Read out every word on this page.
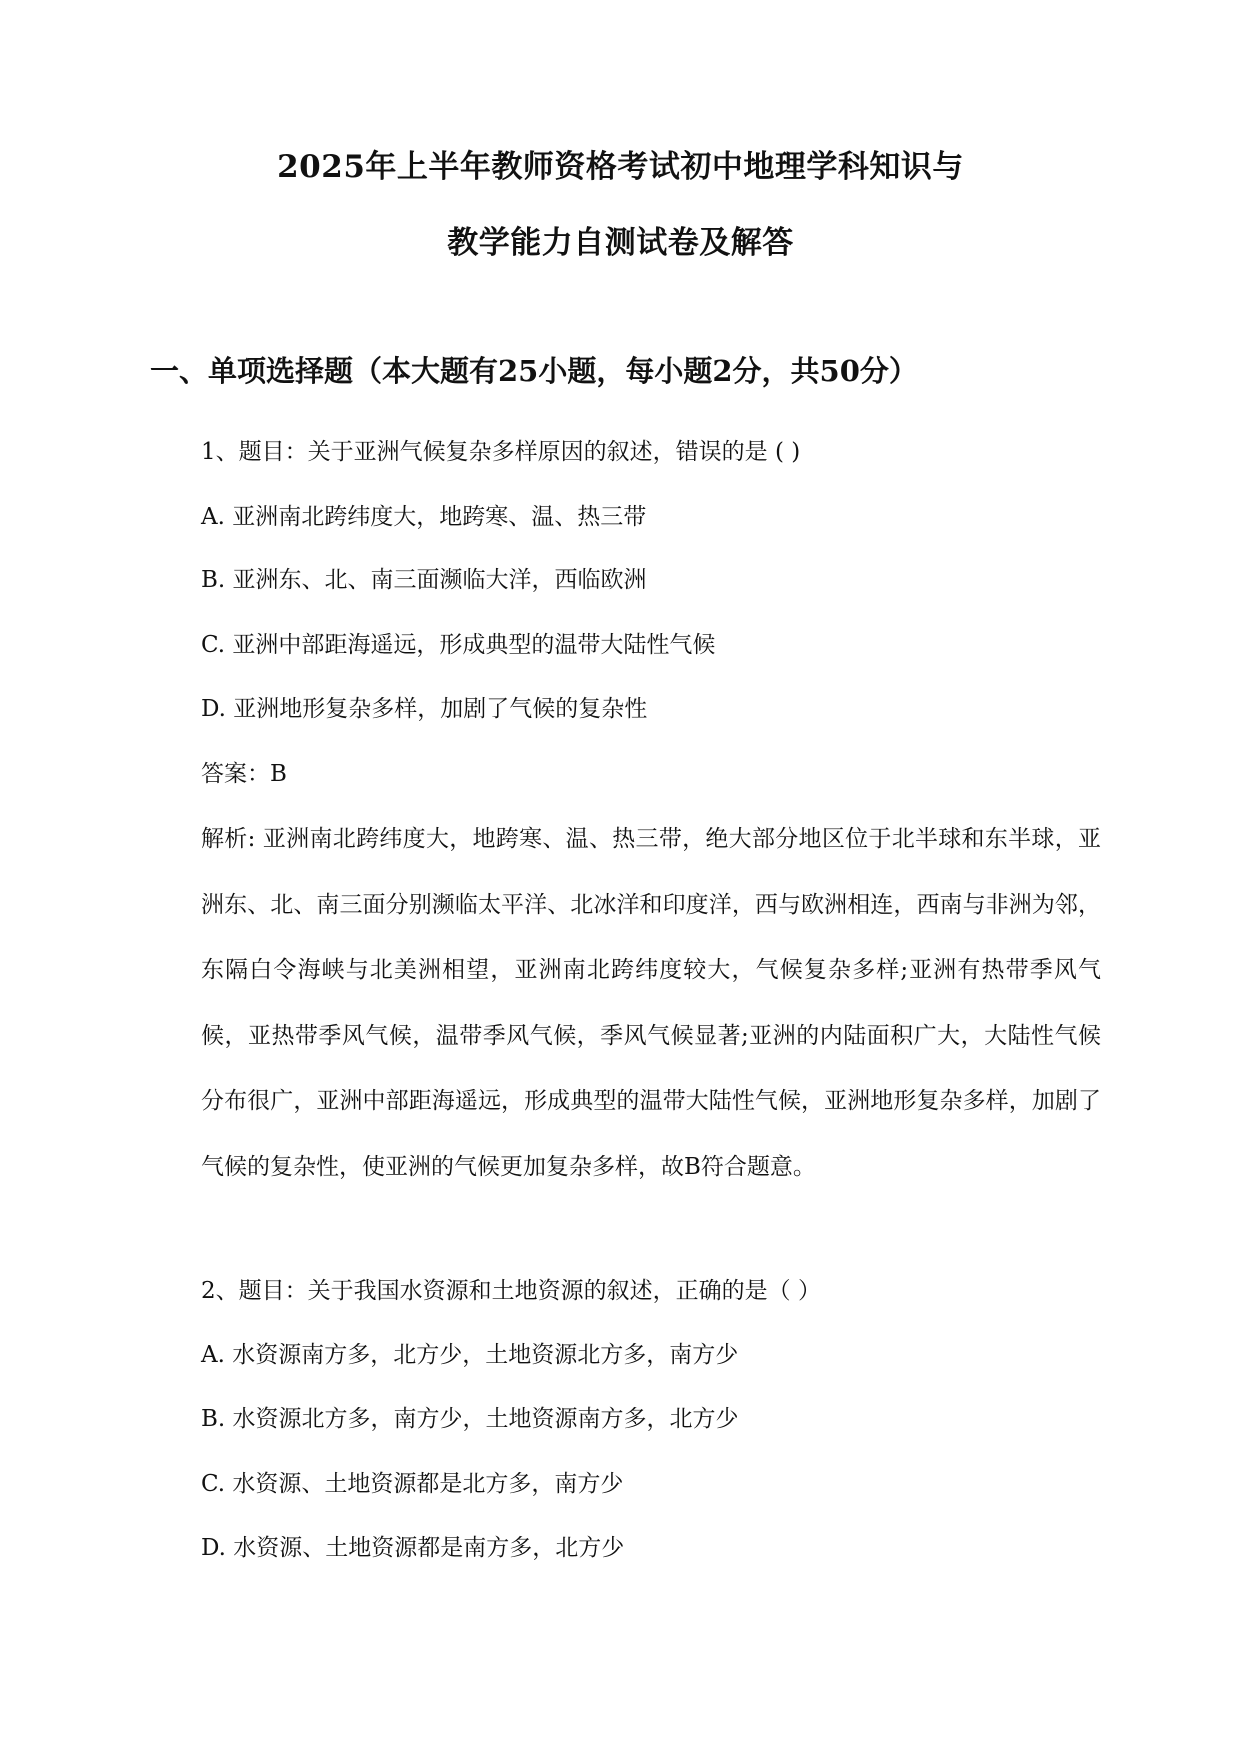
2025年上半年教师资格考试初中地理学科知识与
教学能力自测试卷及解答
一、单项选择题（本大题有25小题，每小题2分，共50分）
1、题目：关于亚洲气候复杂多样原因的叙述，错误的是 ( )
A. 亚洲南北跨纬度大，地跨寒、温、热三带
B. 亚洲东、北、南三面濒临大洋，西临欧洲
C. 亚洲中部距海遥远，形成典型的温带大陆性气候
D. 亚洲地形复杂多样，加剧了气候的复杂性
答案：B
解析: 亚洲南北跨纬度大，地跨寒、温、热三带，绝大部分地区位于北半球和东半球，亚洲东、北、南三面分别濒临太平洋、北冰洋和印度洋，西与欧洲相连，西南与非洲为邻，东隔白令海峡与北美洲相望，亚洲南北跨纬度较大，气候复杂多样;亚洲有热带季风气候，亚热带季风气候，温带季风气候，季风气候显著;亚洲的内陆面积广大，大陆性气候分布很广，亚洲中部距海遥远，形成典型的温带大陆性气候，亚洲地形复杂多样，加剧了气候的复杂性，使亚洲的气候更加复杂多样，故B符合题意。
2、题目：关于我国水资源和土地资源的叙述，正确的是（ ）
A. 水资源南方多，北方少，土地资源北方多，南方少
B. 水资源北方多，南方少，土地资源南方多，北方少
C. 水资源、土地资源都是北方多，南方少
D. 水资源、土地资源都是南方多，北方少
